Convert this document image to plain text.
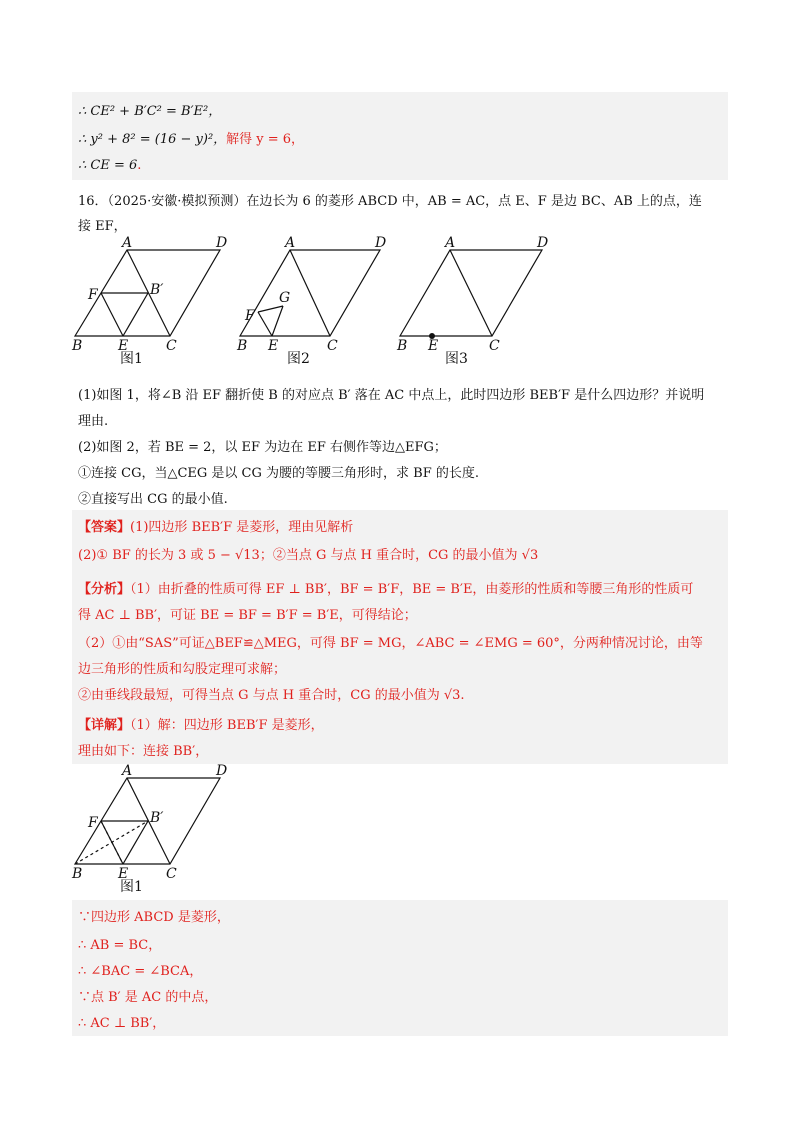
∴ CE² + B′C² = B′E²，
∴ y² + 8² = (16 − y)²，解得 y = 6，
∴ CE = 6.
16．（2025·安徽·模拟预测）在边长为 6 的菱形 ABCD 中，AB = AC，点 E、F 是边 BC、AB 上的点，连
接 EF，
A	D
B	C
E
F	B′
图1
A	D
B	C
E
F
G
图2
A	D
B	C
E
图3
(1)如图 1，将∠B 沿 EF 翻折使 B 的对应点 B′ 落在 AC 中点上，此时四边形 BEB′F 是什么四边形？并说明
理由.
(2)如图 2，若 BE = 2，以 EF 为边在 EF 右侧作等边△EFG；
①连接 CG，当△CEG 是以 CG 为腰的等腰三角形时，求 BF 的长度.
②直接写出 CG 的最小值.
【答案】(1)四边形 BEB′F 是菱形，理由见解析
(2)① BF 的长为 3 或 5 − √13；②当点 G 与点 H 重合时，CG 的最小值为 √3
【分析】（1）由折叠的性质可得 EF ⊥ BB′，BF = B′F，BE = B′E，由菱形的性质和等腰三角形的性质可
得 AC ⊥ BB′，可证 BE = BF = B′F = B′E，可得结论；
（2）①由“SAS”可证△BEF≌△MEG，可得 BF = MG，∠ABC = ∠EMG = 60°，分两种情况讨论，由等
边三角形的性质和勾股定理可求解；
②由垂线段最短，可得当点 G 与点 H 重合时，CG 的最小值为 √3.
【详解】（1）解：四边形 BEB′F 是菱形，
理由如下：连接 BB′，
A	D
B	C
E
F	B′
图1
∵四边形 ABCD 是菱形，
∴ AB = BC，
∴ ∠BAC = ∠BCA，
∵点 B′ 是 AC 的中点，
∴ AC ⊥ BB′，
